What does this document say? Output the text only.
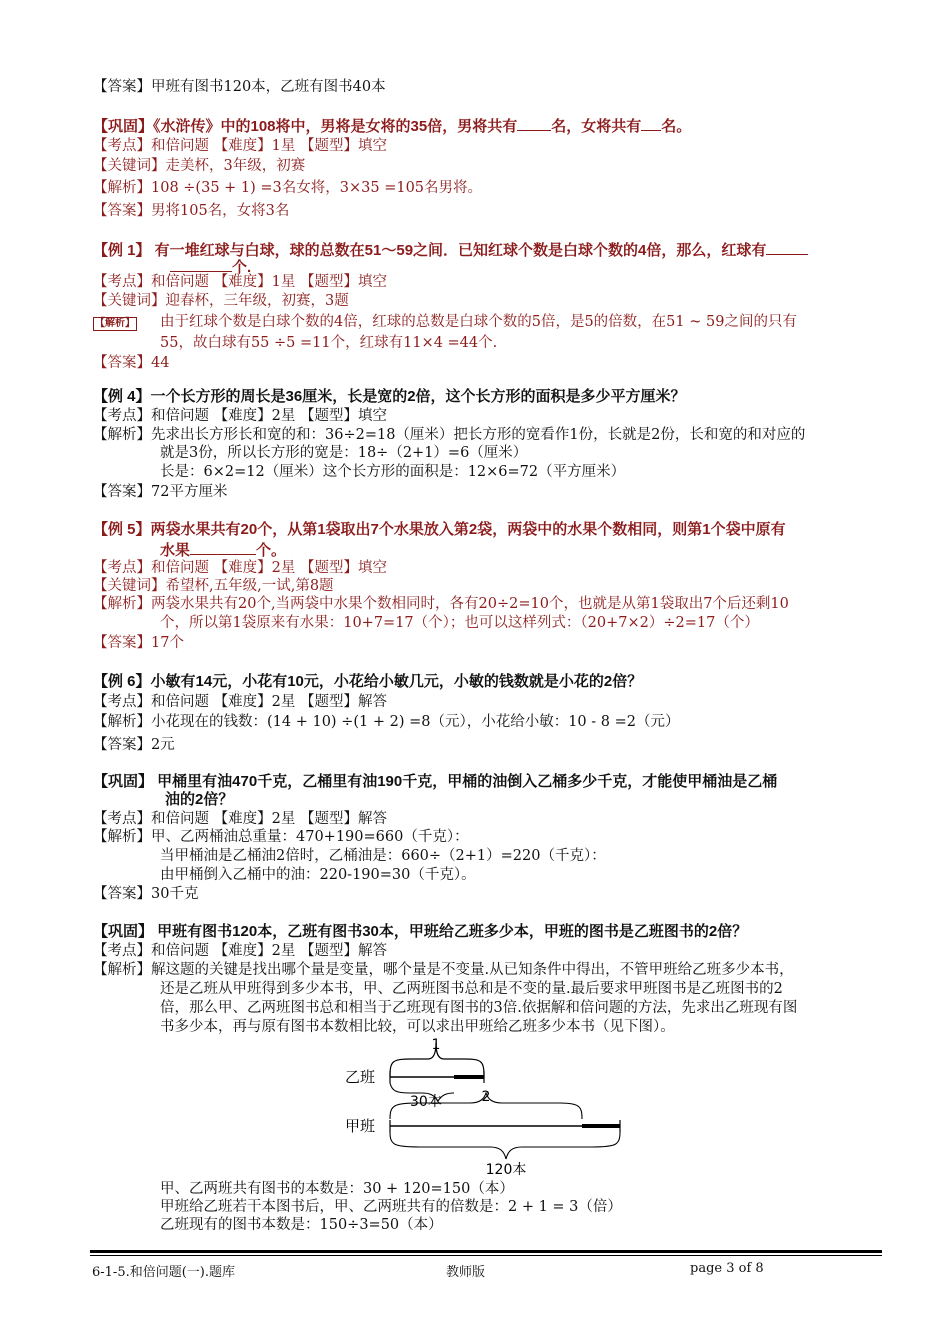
【答案】甲班有图书120本，乙班有图书40本
【巩固】《水浒传》中的108将中，男将是女将的35倍，男将共有 名，女将共有 名。
【考点】和倍问题 【难度】1星 【题型】填空
【关键词】走美杯，3年级，初赛
【解析】108 ÷(35 + 1) =3名女将，3×35 =105名男将。
【答案】男将105名，女将3名
【例 1】 有一堆红球与白球，球的总数在51～59之间．已知红球个数是白球个数的4倍，那么，红球有
个.
【考点】和倍问题 【难度】1星 【题型】填空
【关键词】迎春杯，三年级，初赛，3题
【解析】	由于红球个数是白球个数的4倍，红球的总数是白球个数的5倍，是5的倍数，在51 ~ 59之间的只有
55，故白球有55 ÷5 =11个，红球有11×4 =44个.
【答案】44
【例 4】一个长方形的周长是36厘米，长是宽的2倍，这个长方形的面积是多少平方厘米？
【考点】和倍问题 【难度】2星 【题型】填空
【解析】先求出长方形长和宽的和：36÷2=18（厘米）把长方形的宽看作1份，长就是2份，长和宽的和对应的
就是3份，所以长方形的宽是：18÷（2+1）=6（厘米）
长是：6×2=12（厘米）这个长方形的面积是：12×6=72（平方厘米）
【答案】72平方厘米
【例 5】两袋水果共有20个，从第1袋取出7个水果放入第2袋，两袋中的水果个数相同，则第1个袋中原有
水果	个。
【考点】和倍问题 【难度】2星 【题型】填空
【关键词】希望杯,五年级,一试,第8题
【解析】两袋水果共有20个,当两袋中水果个数相同时，各有20÷2=10个，也就是从第1袋取出7个后还剩10
个，所以第1袋原来有水果：10+7=17（个）；也可以这样列式：（20+7×2）÷2=17（个）
【答案】17个
【例 6】小敏有14元，小花有10元，小花给小敏几元，小敏的钱数就是小花的2倍？
【考点】和倍问题 【难度】2星 【题型】解答
【解析】小花现在的钱数：(14 + 10) ÷(1 + 2) =8（元），小花给小敏：10 - 8 =2（元）
【答案】2元
【巩固】 甲桶里有油470千克，乙桶里有油190千克，甲桶的油倒入乙桶多少千克，才能使甲桶油是乙桶
油的2倍？
【考点】和倍问题 【难度】2星 【题型】解答
【解析】甲、乙两桶油总重量：470+190=660（千克）：
当甲桶油是乙桶油2倍时，乙桶油是：660÷（2+1）=220（千克）：
由甲桶倒入乙桶中的油：220-190=30（千克）。
【答案】30千克
【巩固】 甲班有图书120本，乙班有图书30本，甲班给乙班多少本，甲班的图书是乙班图书的2倍？
【考点】和倍问题 【难度】2星 【题型】解答
【解析】解这题的关键是找出哪个量是变量，哪个量是不变量.从已知条件中得出，不管甲班给乙班多少本书，
还是乙班从甲班得到多少本书，甲、乙两班图书总和是不变的量.最后要求甲班图书是乙班图书的2
倍，那么甲、乙两班图书总和相当于乙班现有图书的3倍.依据解和倍问题的方法，先求出乙班现有图
书多少本，再与原有图书本数相比较，可以求出甲班给乙班多少本书（见下图）。
1
乙班
30本	2
甲班
120本
甲、乙两班共有图书的本数是：30 + 120=150（本）
甲班给乙班若干本图书后，甲、乙两班共有的倍数是：2 + 1 = 3（倍）
乙班现有的图书本数是：150÷3=50（本）
6-1-5.和倍问题(一).题库	教师版	page 3 of 8
